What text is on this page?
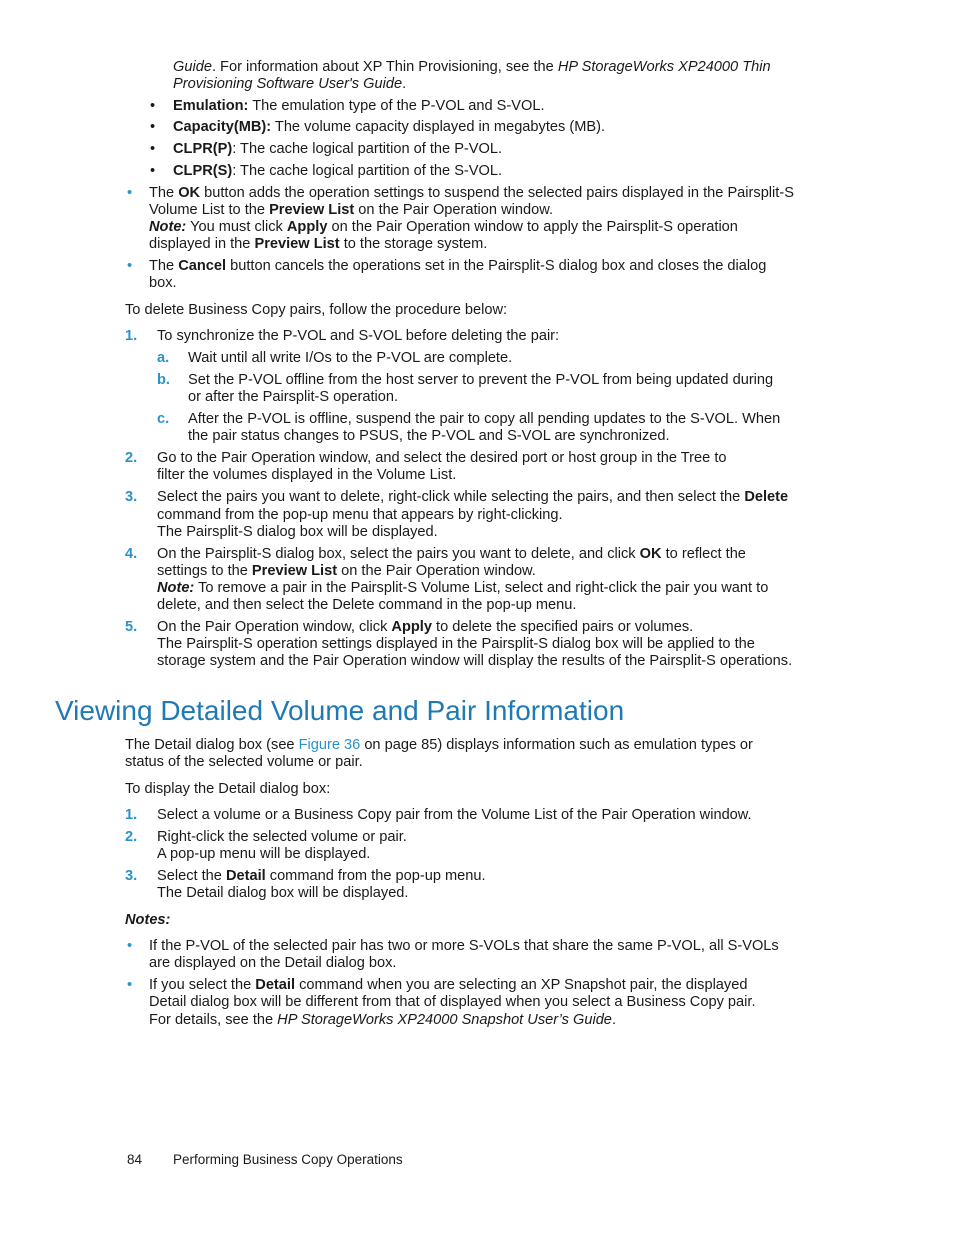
Guide. For information about XP Thin Provisioning, see the HP StorageWorks XP24000 Thin
Provisioning Software User's Guide.
• Emulation: The emulation type of the P-VOL and S-VOL.
• Capacity(MB): The volume capacity displayed in megabytes (MB).
• CLPR(P): The cache logical partition of the P-VOL.
• CLPR(S): The cache logical partition of the S-VOL.
• The OK button adds the operation settings to suspend the selected pairs displayed in the Pairsplit-S
Volume List to the Preview List on the Pair Operation window.
Note: You must click Apply on the Pair Operation window to apply the Pairsplit-S operation
displayed in the Preview List to the storage system.
• The Cancel button cancels the operations set in the Pairsplit-S dialog box and closes the dialog
box.
To delete Business Copy pairs, follow the procedure below:
1. To synchronize the P-VOL and S-VOL before deleting the pair:
a. Wait until all write I/Os to the P-VOL are complete.
b. Set the P-VOL offline from the host server to prevent the P-VOL from being updated during
or after the Pairsplit-S operation.
c. After the P-VOL is offline, suspend the pair to copy all pending updates to the S-VOL. When
the pair status changes to PSUS, the P-VOL and S-VOL are synchronized.
2. Go to the Pair Operation window, and select the desired port or host group in the Tree to
filter the volumes displayed in the Volume List.
3. Select the pairs you want to delete, right-click while selecting the pairs, and then select the Delete
command from the pop-up menu that appears by right-clicking.
The Pairsplit-S dialog box will be displayed.
4. On the Pairsplit-S dialog box, select the pairs you want to delete, and click OK to reflect the
settings to the Preview List on the Pair Operation window.
Note: To remove a pair in the Pairsplit-S Volume List, select and right-click the pair you want to
delete, and then select the Delete command in the pop-up menu.
5. On the Pair Operation window, click Apply to delete the specified pairs or volumes.
The Pairsplit-S operation settings displayed in the Pairsplit-S dialog box will be applied to the
storage system and the Pair Operation window will display the results of the Pairsplit-S operations.
Viewing Detailed Volume and Pair Information
The Detail dialog box (see Figure 36 on page 85) displays information such as emulation types or
status of the selected volume or pair.
To display the Detail dialog box:
1. Select a volume or a Business Copy pair from the Volume List of the Pair Operation window.
2. Right-click the selected volume or pair.
A pop-up menu will be displayed.
3. Select the Detail command from the pop-up menu.
The Detail dialog box will be displayed.
Notes:
• If the P-VOL of the selected pair has two or more S-VOLs that share the same P-VOL, all S-VOLs
are displayed on the Detail dialog box.
• If you select the Detail command when you are selecting an XP Snapshot pair, the displayed
Detail dialog box will be different from that of displayed when you select a Business Copy pair.
For details, see the HP StorageWorks XP24000 Snapshot User’s Guide.
84 Performing Business Copy Operations
